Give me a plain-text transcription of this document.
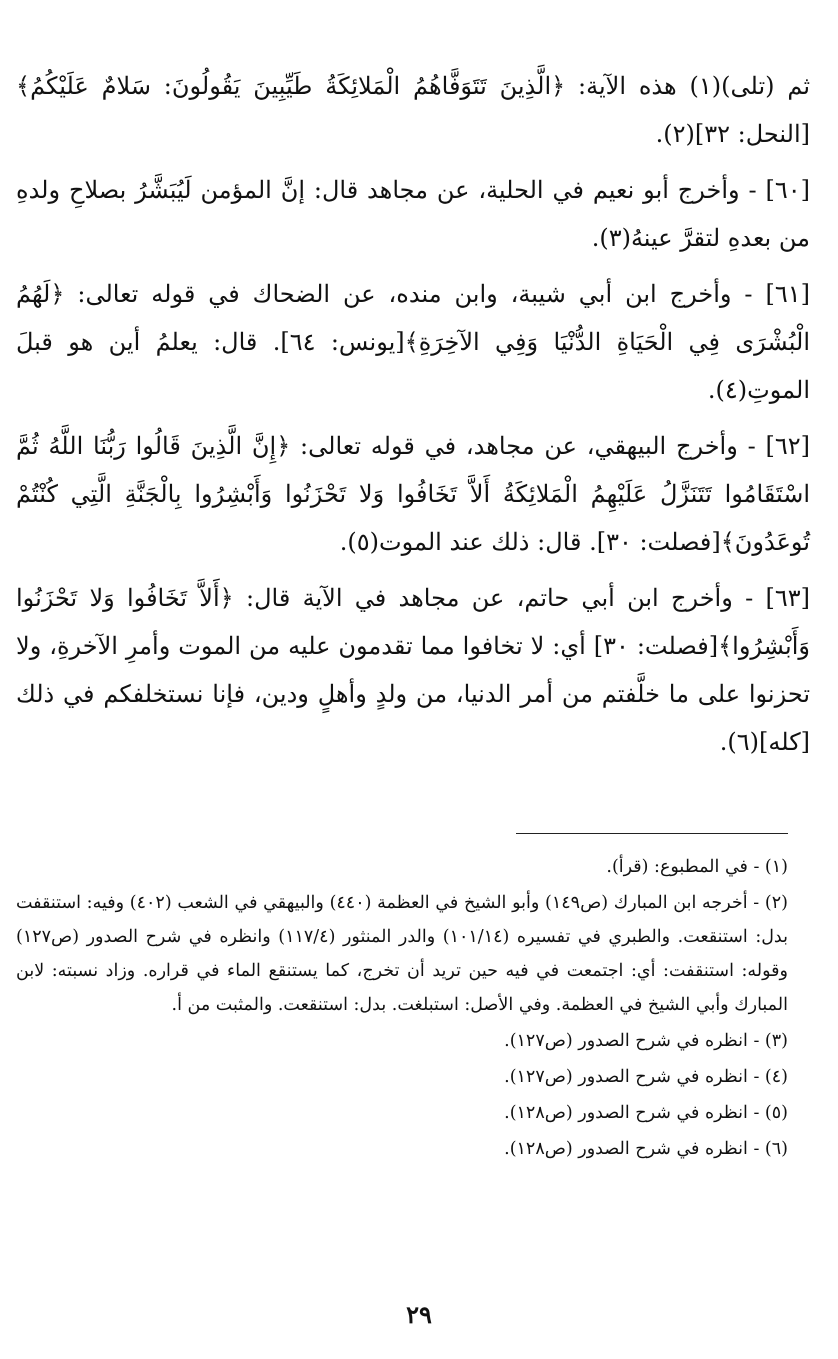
ثم (تلى)(١) هذه الآية: ﴿الَّذِينَ تَتَوَفَّاهُمُ الْمَلائِكَةُ طَيِّبِينَ يَقُولُونَ: سَلامٌ عَلَيْكُمُ﴾[النحل: ٣٢](٢).

[٦٠] - وأخرج أبو نعيم في الحلية، عن مجاهد قال: إنَّ المؤمن لَيُبَشَّرُ بصلاحِ ولدهِ من بعدهِ لتقرَّ عينهُ(٣).

[٦١] - وأخرج ابن أبي شيبة، وابن منده، عن الضحاك في قوله تعالى: ﴿لَهُمُ الْبُشْرَى فِي الْحَيَاةِ الدُّنْيَا وَفِي الآخِرَةِ﴾[يونس: ٦٤]. قال: يعلمُ أين هو قبلَ الموتِ(٤).

[٦٢] - وأخرج البيهقي، عن مجاهد، في قوله تعالى: ﴿إِنَّ الَّذِينَ قَالُوا رَبُّنَا اللَّهُ ثُمَّ اسْتَقَامُوا تَتَنَزَّلُ عَلَيْهِمُ الْمَلائِكَةُ أَلاَّ تَخَافُوا وَلا تَحْزَنُوا وَأَبْشِرُوا بِالْجَنَّةِ الَّتِي كُنْتُمْ تُوعَدُونَ﴾[فصلت: ٣٠]. قال: ذلك عند الموت(٥).

[٦٣] - وأخرج ابن أبي حاتم، عن مجاهد في الآية قال: ﴿أَلاَّ تَخَافُوا وَلا تَحْزَنُوا وَأَبْشِرُوا﴾[فصلت: ٣٠] أي: لا تخافوا مما تقدمون عليه من الموت وأمرِ الآخرةِ، ولا تحزنوا على ما خلَّفتم من أمر الدنيا، من ولدٍ وأهلٍ ودين، فإنا نستخلفكم في ذلك [كله](٦).

(١) - في المطبوع: (قرأ).

(٢) - أخرجه ابن المبارك (ص١٤٩) وأبو الشيخ في العظمة (٤٤٠) والبيهقي في الشعب (٤٠٢) وفيه: استنقفت بدل: استنقعت. والطبري في تفسيره (١٠١/١٤) والدر المنثور (١١٧/٤) وانظره في شرح الصدور (ص١٢٧) وقوله: استنقفت: أي: اجتمعت في فيه حين تريد أن تخرج، كما يستنقع الماء في قراره. وزاد نسبته: لابن المبارك وأبي الشيخ في العظمة. وفي الأصل: استبلغت. بدل: استنقعت. والمثبت من أ.

(٣) - انظره في شرح الصدور (ص١٢٧).

(٤) - انظره في شرح الصدور (ص١٢٧).

(٥) - انظره في شرح الصدور (ص١٢٨).

(٦) - انظره في شرح الصدور (ص١٢٨).

٢٩
